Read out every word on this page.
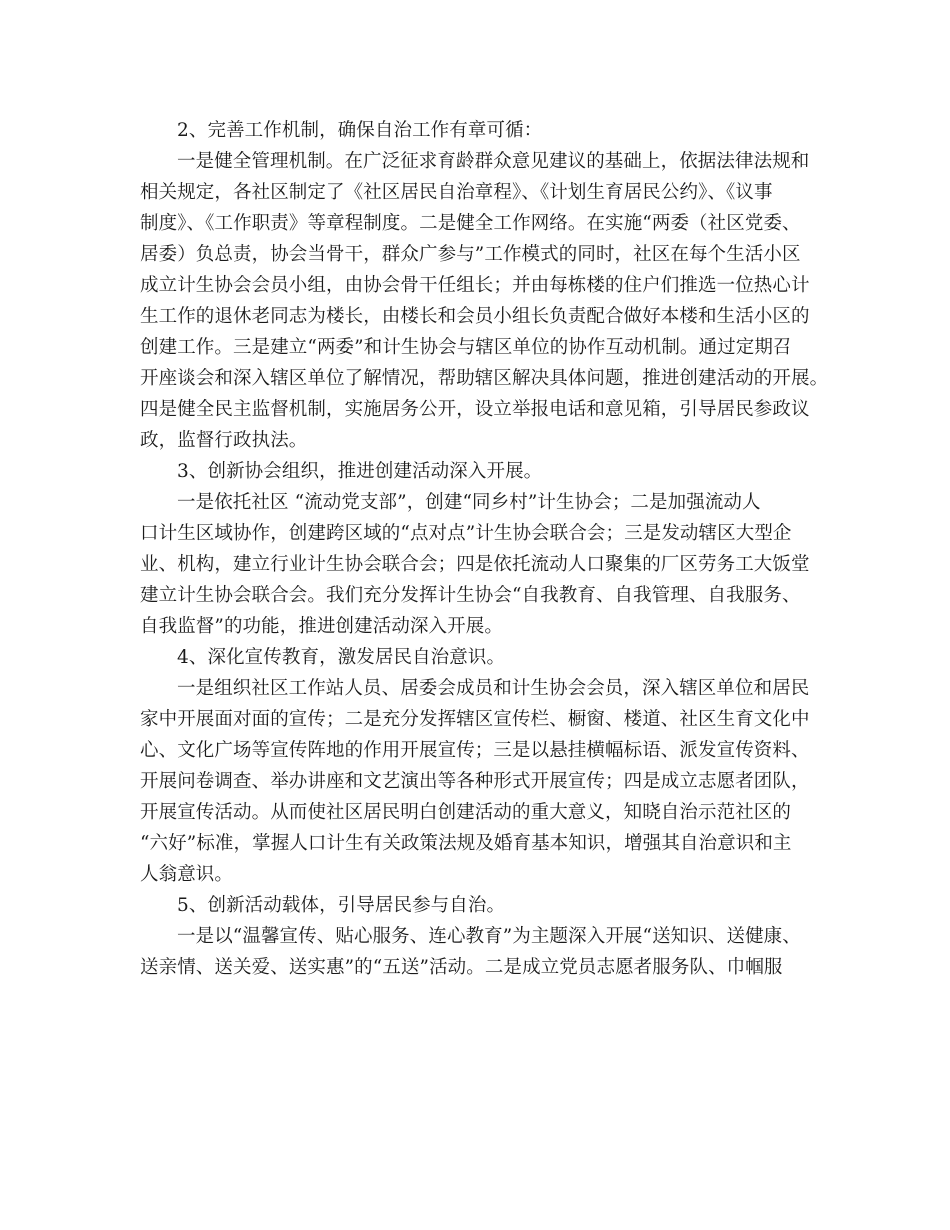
2、完善工作机制，确保自治工作有章可循：
一是健全管理机制。在广泛征求育龄群众意见建议的基础上，依据法律法规和
相关规定，各社区制定了《社区居民自治章程》、《计划生育居民公约》、《议事
制度》、《工作职责》等章程制度。二是健全工作网络。在实施“两委（社区党委、
居委）负总责，协会当骨干，群众广参与”工作模式的同时，社区在每个生活小区
成立计生协会会员小组，由协会骨干任组长；并由每栋楼的住户们推选一位热心计
生工作的退休老同志为楼长，由楼长和会员小组长负责配合做好本楼和生活小区的
创建工作。三是建立“两委”和计生协会与辖区单位的协作互动机制。通过定期召
开座谈会和深入辖区单位了解情况，帮助辖区解决具体问题，推进创建活动的开展。
四是健全民主监督机制，实施居务公开，设立举报电话和意见箱，引导居民参政议
政，监督行政执法。
3、创新协会组织，推进创建活动深入开展。
一是依托社区 “流动党支部”，创建“同乡村”计生协会；二是加强流动人
口计生区域协作，创建跨区域的“点对点”计生协会联合会；三是发动辖区大型企
业、机构，建立行业计生协会联合会；四是依托流动人口聚集的厂区劳务工大饭堂
建立计生协会联合会。我们充分发挥计生协会“自我教育、自我管理、自我服务、
自我监督”的功能，推进创建活动深入开展。
4、深化宣传教育，激发居民自治意识。
一是组织社区工作站人员、居委会成员和计生协会会员，深入辖区单位和居民
家中开展面对面的宣传；二是充分发挥辖区宣传栏、橱窗、楼道、社区生育文化中
心、文化广场等宣传阵地的作用开展宣传；三是以悬挂横幅标语、派发宣传资料、
开展问卷调查、举办讲座和文艺演出等各种形式开展宣传；四是成立志愿者团队，
开展宣传活动。从而使社区居民明白创建活动的重大意义，知晓自治示范社区的
“六好”标准，掌握人口计生有关政策法规及婚育基本知识，增强其自治意识和主
人翁意识。
5、创新活动载体，引导居民参与自治。
一是以“温馨宣传、贴心服务、连心教育”为主题深入开展“送知识、送健康、
送亲情、送关爱、送实惠”的“五送”活动。二是成立党员志愿者服务队、巾帼服
